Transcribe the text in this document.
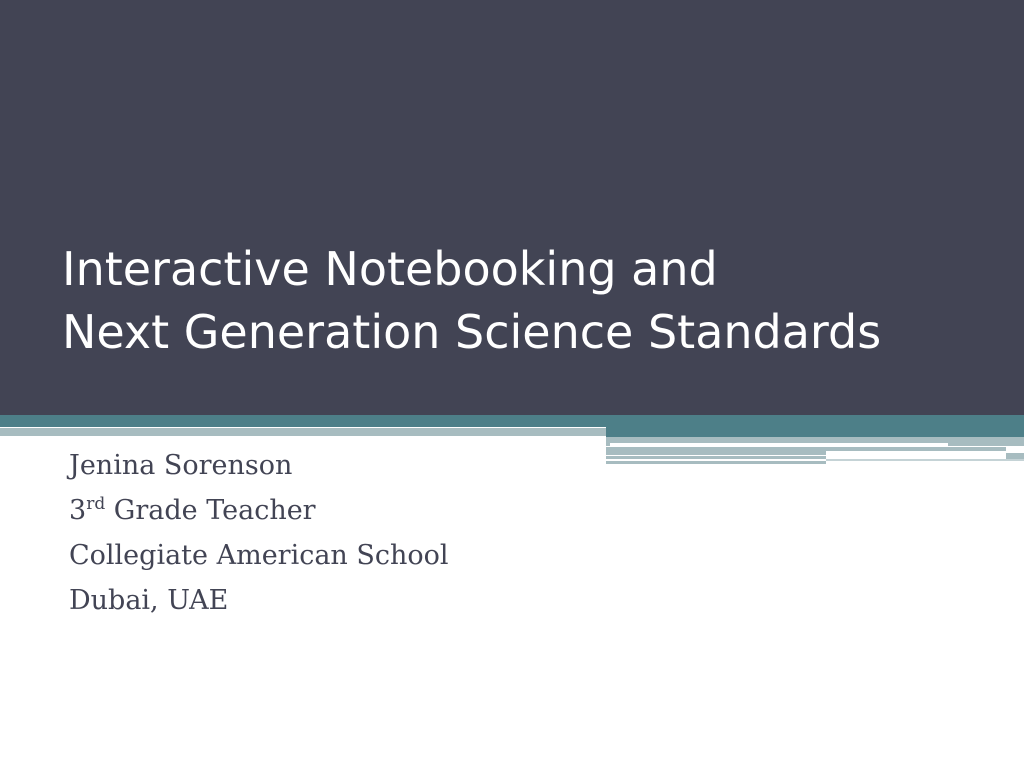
Interactive Notebooking and
Next Generation Science Standards
Jenina Sorenson
3rd Grade Teacher
Collegiate American School
Dubai, UAE
